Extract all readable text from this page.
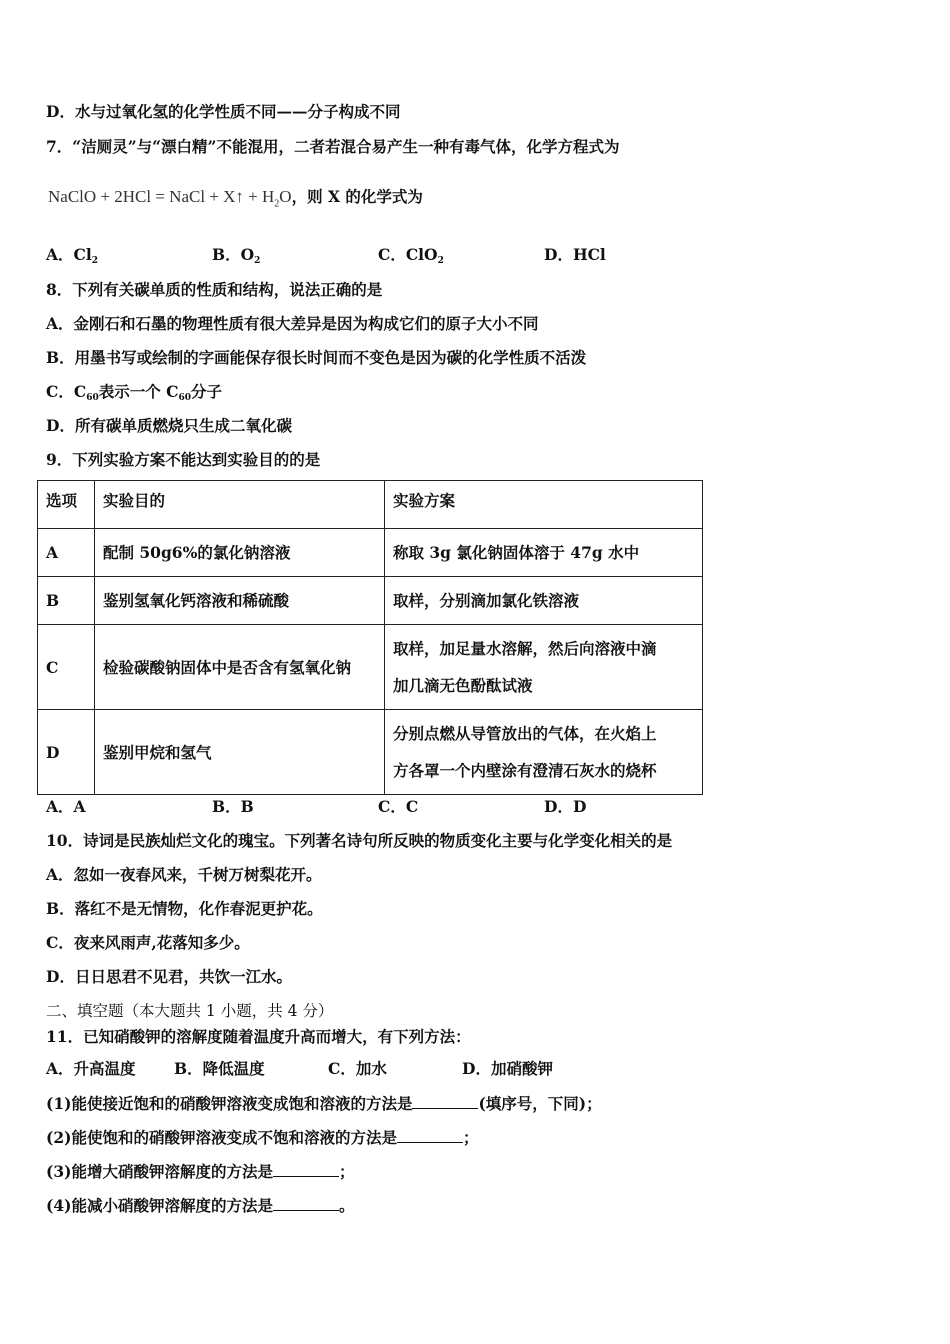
D．水与过氧化氢的化学性质不同——分子构成不同
7．“洁厕灵”与“漂白精”不能混用，二者若混合易产生一种有毒气体，化学方程式为
NaClO + 2HCl = NaCl + X↑ + $H_2O$，则 X 的化学式为
A．$Cl_2$	B．$O_2$	C．ClO$_2$	D．HCl
8．下列有关碳单质的性质和结构，说法正确的是
A．金刚石和石墨的物理性质有很大差异是因为构成它们的原子大小不同
B．用墨书写或绘制的字画能保存很长时间而不变色是因为碳的化学性质不活泼
C．$C_{60}$表示一个 $C_{60}$分子
D．所有碳单质燃烧只生成二氧化碳
9．下列实验方案不能达到实验目的的是
选项	实验目的	实验方案
A	配制 50g6%的氯化钠溶液	称取 3g 氯化钠固体溶于 47g 水中
B	鉴别氢氧化钙溶液和稀硫酸	取样，分别滴加氯化铁溶液
C	检验碳酸钠固体中是否含有氢氧化钠	取样，加足量水溶解，然后向溶液中滴
加几滴无色酚酞试液

D	鉴别甲烷和氢气	分别点燃从导管放出的气体，在火焰上
方各罩一个内壁涂有澄清石灰水的烧杯
A．A	B．B	C．C	D．D
10．诗词是民族灿烂文化的瑰宝。下列著名诗句所反映的物质变化主要与化学变化相关的是
A．忽如一夜春风来，千树万树梨花开。
B．落红不是无情物，化作春泥更护花。
C．夜来风雨声,花落知多少。
D．日日思君不见君，共饮一江水。
二、填空题（本大题共 1 小题，共 4 分）
11．已知硝酸钾的溶解度随着温度升高而增大，有下列方法：
A．升高温度 B．降低温度	C．加水	D．加硝酸钾
(1)能使接近饱和的硝酸钾溶液变成饱和溶液的方法是	(填序号，下同)；
(2)能使饱和的硝酸钾溶液变成不饱和溶液的方法是	；
(3)能增大硝酸钾溶解度的方法是	；
(4)能减小硝酸钾溶解度的方法是	。
